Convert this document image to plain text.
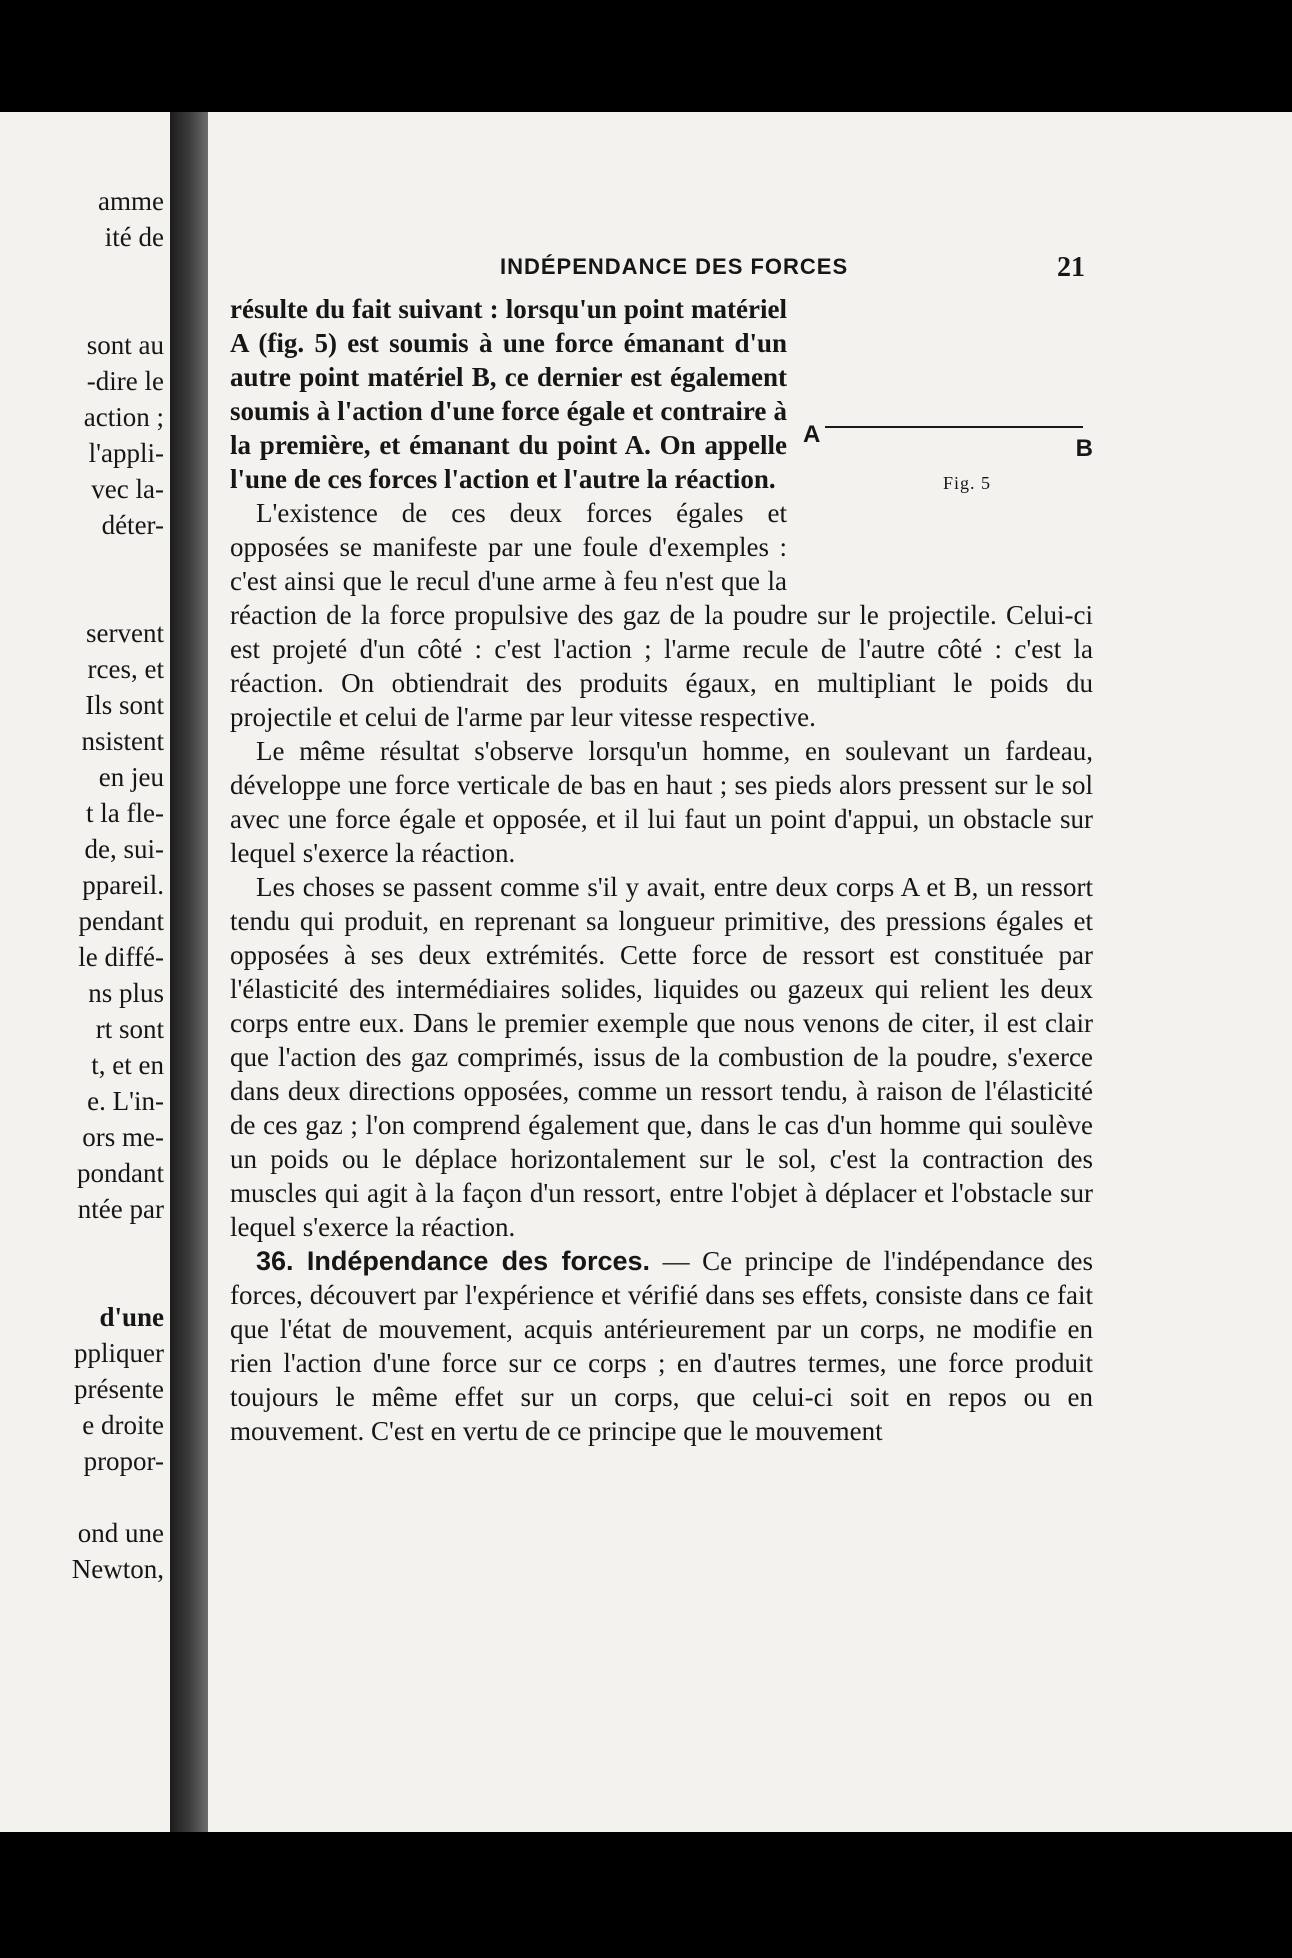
amme
ité de
sont au
-dire le
action ;
l'appli-
vec la-
déter-
servent
rces, et
Ils sont
nsistent
en jeu
t la fle-
de, sui-
ppareil.
pendant
le diffé-
ns plus
rt sont
t, et en
e. L'in-
ors me-
pondant
ntée par
d'une
ppliquer
présente
e droite
propor-
ond une
Newton,
INDÉPENDANCE DES FORCES	21
A
B
Fig. 5

résulte du fait suivant : lorsqu'un point matériel A (fig. 5) est soumis à une force émanant d'un autre point matériel B, ce dernier est également soumis à l'action d'une force égale et contraire à la première, et émanant du point A. On appelle l'une de ces forces l'action et l'autre la réaction.

L'existence de ces deux forces égales et opposées se manifeste par une foule d'exemples : c'est ainsi que le recul d'une arme à feu n'est que la réaction de la force propulsive des gaz de la poudre sur le projectile. Celui-ci est projeté d'un côté : c'est l'action ; l'arme recule de l'autre côté : c'est la réaction. On obtiendrait des produits égaux, en multipliant le poids du projectile et celui de l'arme par leur vitesse respective.

Le même résultat s'observe lorsqu'un homme, en soulevant un fardeau, développe une force verticale de bas en haut ; ses pieds alors pressent sur le sol avec une force égale et opposée, et il lui faut un point d'appui, un obstacle sur lequel s'exerce la réaction.

Les choses se passent comme s'il y avait, entre deux corps A et B, un ressort tendu qui produit, en reprenant sa longueur primitive, des pressions égales et opposées à ses deux extrémités. Cette force de ressort est constituée par l'élasticité des intermédiaires solides, liquides ou gazeux qui relient les deux corps entre eux. Dans le premier exemple que nous venons de citer, il est clair que l'action des gaz comprimés, issus de la combustion de la poudre, s'exerce dans deux directions opposées, comme un ressort tendu, à raison de l'élasticité de ces gaz ; l'on comprend également que, dans le cas d'un homme qui soulève un poids ou le déplace horizontalement sur le sol, c'est la contraction des muscles qui agit à la façon d'un ressort, entre l'objet à déplacer et l'obstacle sur lequel s'exerce la réaction.

36. Indépendance des forces. — Ce principe de l'indépendance des forces, découvert par l'expérience et vérifié dans ses effets, consiste dans ce fait que l'état de mouvement, acquis antérieurement par un corps, ne modifie en rien l'action d'une force sur ce corps ; en d'autres termes, une force produit toujours le même effet sur un corps, que celui-ci soit en repos ou en mouvement. C'est en vertu de ce principe que le mouvement
